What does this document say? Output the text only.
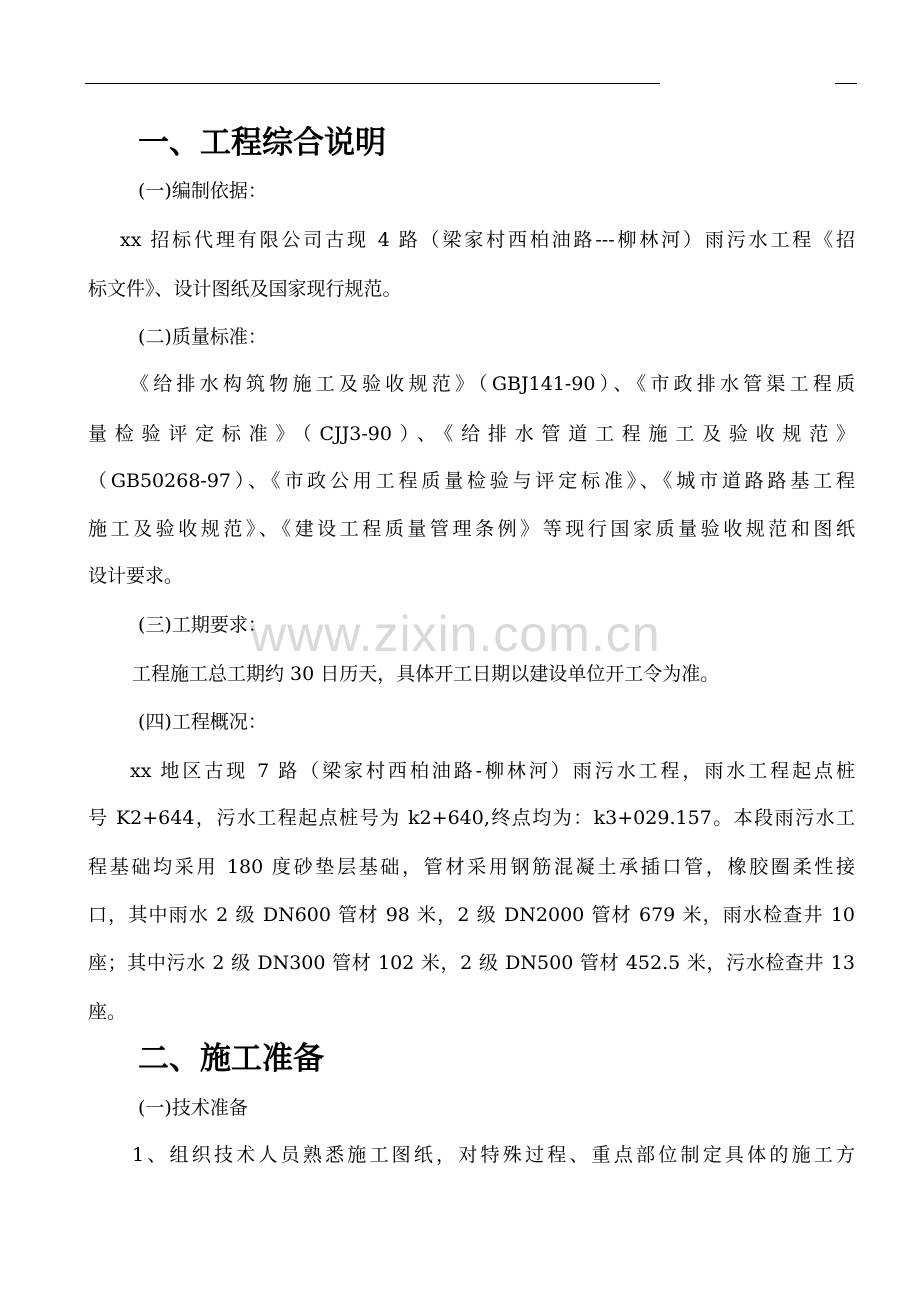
www.zixin.com.cn
一、工程综合说明
(一)编制依据：
xx 招标代理有限公司古现 4 路（梁家村西柏油路---柳林河）雨污水工程《招
标文件》、设计图纸及国家现行规范。
(二)质量标准：
《给排水构筑物施工及验收规范》（GBJ141-90）、《市政排水管渠工程质
量检验评定标准》（CJJ3-90）、《给排水管道工程施工及验收规范》
（GB50268-97）、《市政公用工程质量检验与评定标准》、《城市道路路基工程
施工及验收规范》、《建设工程质量管理条例》等现行国家质量验收规范和图纸
设计要求。
(三)工期要求：
工程施工总工期约 30 日历天，具体开工日期以建设单位开工令为准。
(四)工程概况：
xx 地区古现 7 路（梁家村西柏油路-柳林河）雨污水工程，雨水工程起点桩
号 K2+644，污水工程起点桩号为 k2+640,终点均为：k3+029.157。本段雨污水工
程基础均采用 180 度砂垫层基础，管材采用钢筋混凝土承插口管，橡胶圈柔性接
口，其中雨水 2 级 DN600 管材 98 米，2 级 DN2000 管材 679 米，雨水检查井 10
座；其中污水 2 级 DN300 管材 102 米，2 级 DN500 管材 452.5 米，污水检查井 13
座。
二、施工准备
(一)技术准备
1、组织技术人员熟悉施工图纸，对特殊过程、重点部位制定具体的施工方
